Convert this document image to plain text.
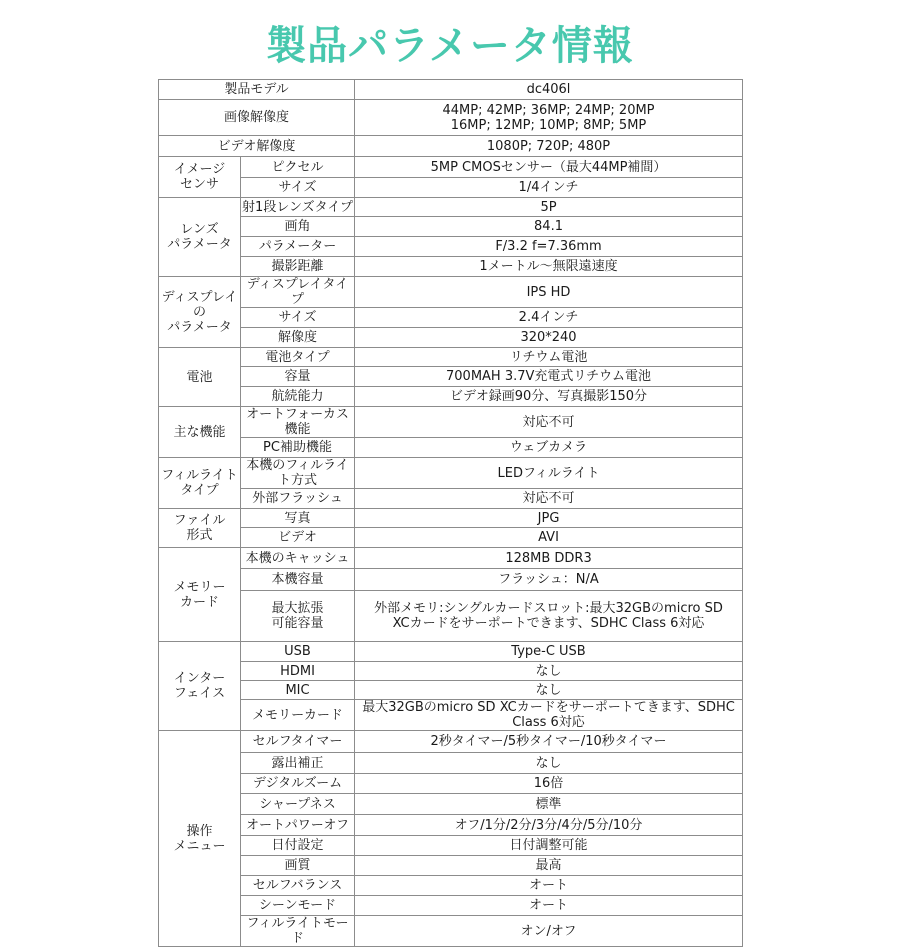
製品パラメータ情報
製品モデル		dc406l
画像解像度		44MP; 42MP; 36MP; 24MP; 20MP
16MP; 12MP; 10MP; 8MP; 5MP
ビデオ解像度		1080P; 720P; 480P
イメージ
センサ	ピクセル	5MP CMOSセンサー（最大44MP補間）
	サイズ	1/4インチ
レンズ
パラメータ	射1段レンズタイプ	5P
	画角	84.1
	パラメーター	F/3.2 f=7.36mm
	撮影距離	1メートル～無限遠速度
ディスプレイの
パラメータ	ディスプレイタイプ	IPS HD
	サイズ	2.4インチ
	解像度	320*240
電池	電池タイプ	リチウム電池
	容量	700MAH 3.7V充電式リチウム電池
	航続能力	ビデオ録画90分、写真撮影150分
主な機能	オートフォーカス機能	対応不可
	PC補助機能	ウェブカメラ
フィルライト
タイプ	本機のフィルライト方式	LEDフィルライト
	外部フラッシュ	対応不可
ファイル
形式	写真	JPG
	ビデオ	AVI
メモリー
カード	本機のキャッシュ	128MB DDR3
	本機容量	フラッシュ：N/A
	最大拡張
可能容量	外部メモリ:シングルカードスロット:最大32GBのmicro SD
XCカードをサーポートできます、SDHC Class 6対応
インター
フェイス	USB	Type-C USB
	HDMI	なし
	MIC	なし
	メモリーカード	最大32GBのmicro SD XCカードをサーポートてきます、SDHC Class 6対応
操作
メニュー	セルフタイマー	2秒タイマー/5秒タイマー/10秒タイマー
	露出補正	なし
	デジタルズーム	16倍
	シャープネス	標準
	オートパワーオフ	オフ/1分/2分/3分/4分/5分/10分
	日付設定	日付調整可能
	画質	最高
	セルフバランス	オート
	シーンモード	オート
	フィルライトモード	オン/オフ
